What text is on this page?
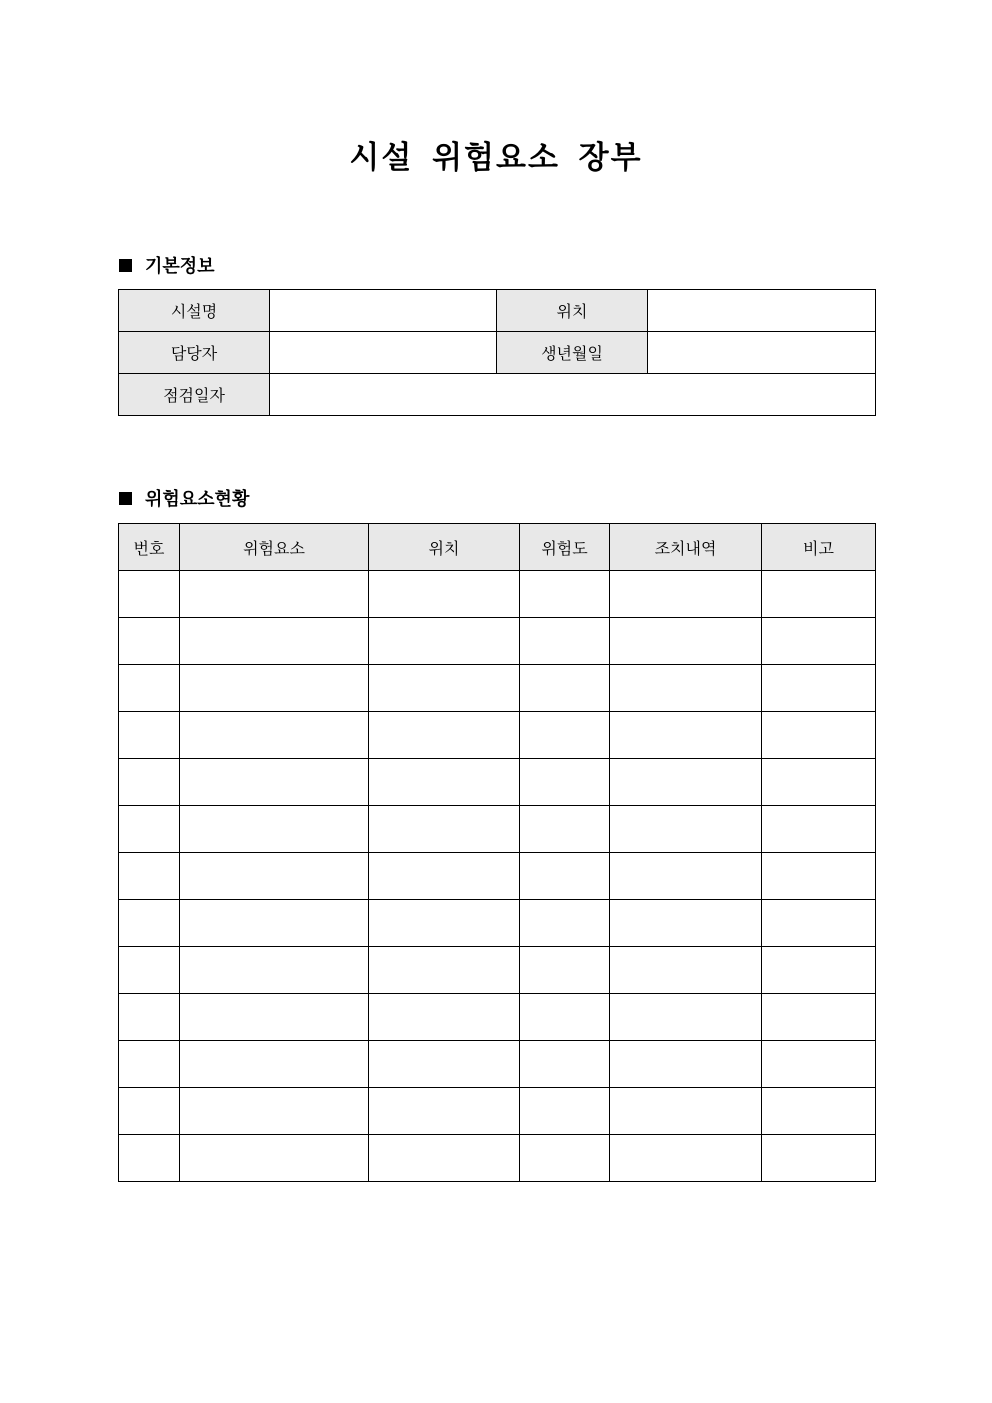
시설 위험요소 장부
기본정보
시설명		위치	
담당자		생년월일	
점검일자			
위험요소현황
번호	위험요소	위치	위험도	조치내역	비고
